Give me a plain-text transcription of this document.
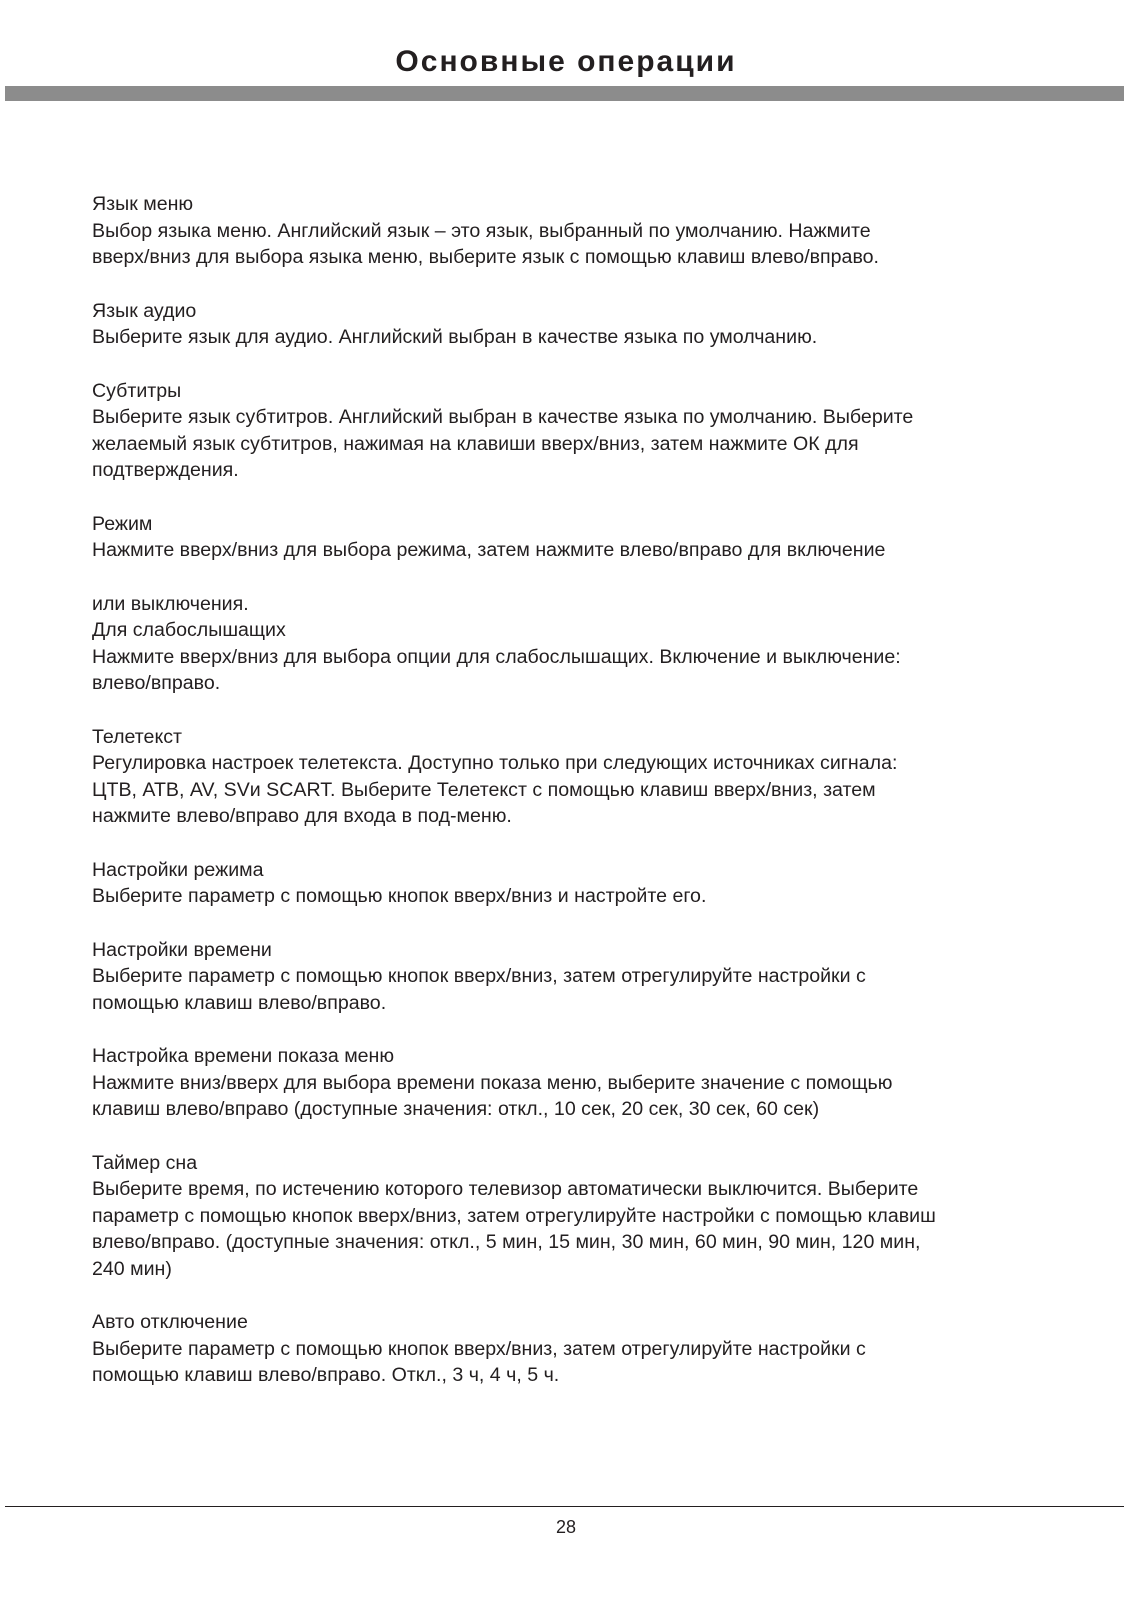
Основные операции

Язык меню

Выбор языка меню. Английский язык – это язык, выбранный по умолчанию. Нажмите

вверх/вниз для выбора языка меню, выберите язык с помощью клавиш влево/вправо.

Язык аудио

Выберите язык для аудио. Английский выбран в качестве языка по умолчанию.

Субтитры

Выберите язык субтитров. Английский выбран в качестве языка по умолчанию. Выберите

желаемый язык субтитров, нажимая на клавиши вверх/вниз, затем нажмите ОК для

подтверждения.

Режим

Нажмите вверх/вниз для выбора режима, затем нажмите влево/вправо для включение

или выключения.

Для слабослышащих

Нажмите вверх/вниз для выбора опции для слабослышащих. Включение и выключение:

влево/вправо.

Телетекст

Регулировка настроек телетекста. Доступно только при следующих источниках сигнала:

ЦТВ, АТВ, AV, SVи SCART. Выберите Телетекст с помощью клавиш вверх/вниз, затем

нажмите влево/вправо для входа в под-меню.

Настройки режима

Выберите параметр с помощью кнопок вверх/вниз и настройте его.

Настройки времени

Выберите параметр с помощью кнопок вверх/вниз, затем отрегулируйте настройки с

помощью клавиш влево/вправо.

Настройка времени показа меню

Нажмите вниз/вверх для выбора времени показа меню, выберите значение с помощью

клавиш влево/вправо (доступные значения: откл., 10 сек, 20 сек, 30 сек, 60 сек)

Таймер сна

Выберите время, по истечению которого телевизор автоматически выключится. Выберите

параметр с помощью кнопок вверх/вниз, затем отрегулируйте настройки с помощью клавиш

влево/вправо. (доступные значения: откл., 5 мин, 15 мин, 30 мин, 60 мин, 90 мин, 120 мин,

240 мин)

Авто отключение

Выберите параметр с помощью кнопок вверх/вниз, затем отрегулируйте настройки с

помощью клавиш влево/вправо. Откл., 3 ч, 4 ч, 5 ч.

28
